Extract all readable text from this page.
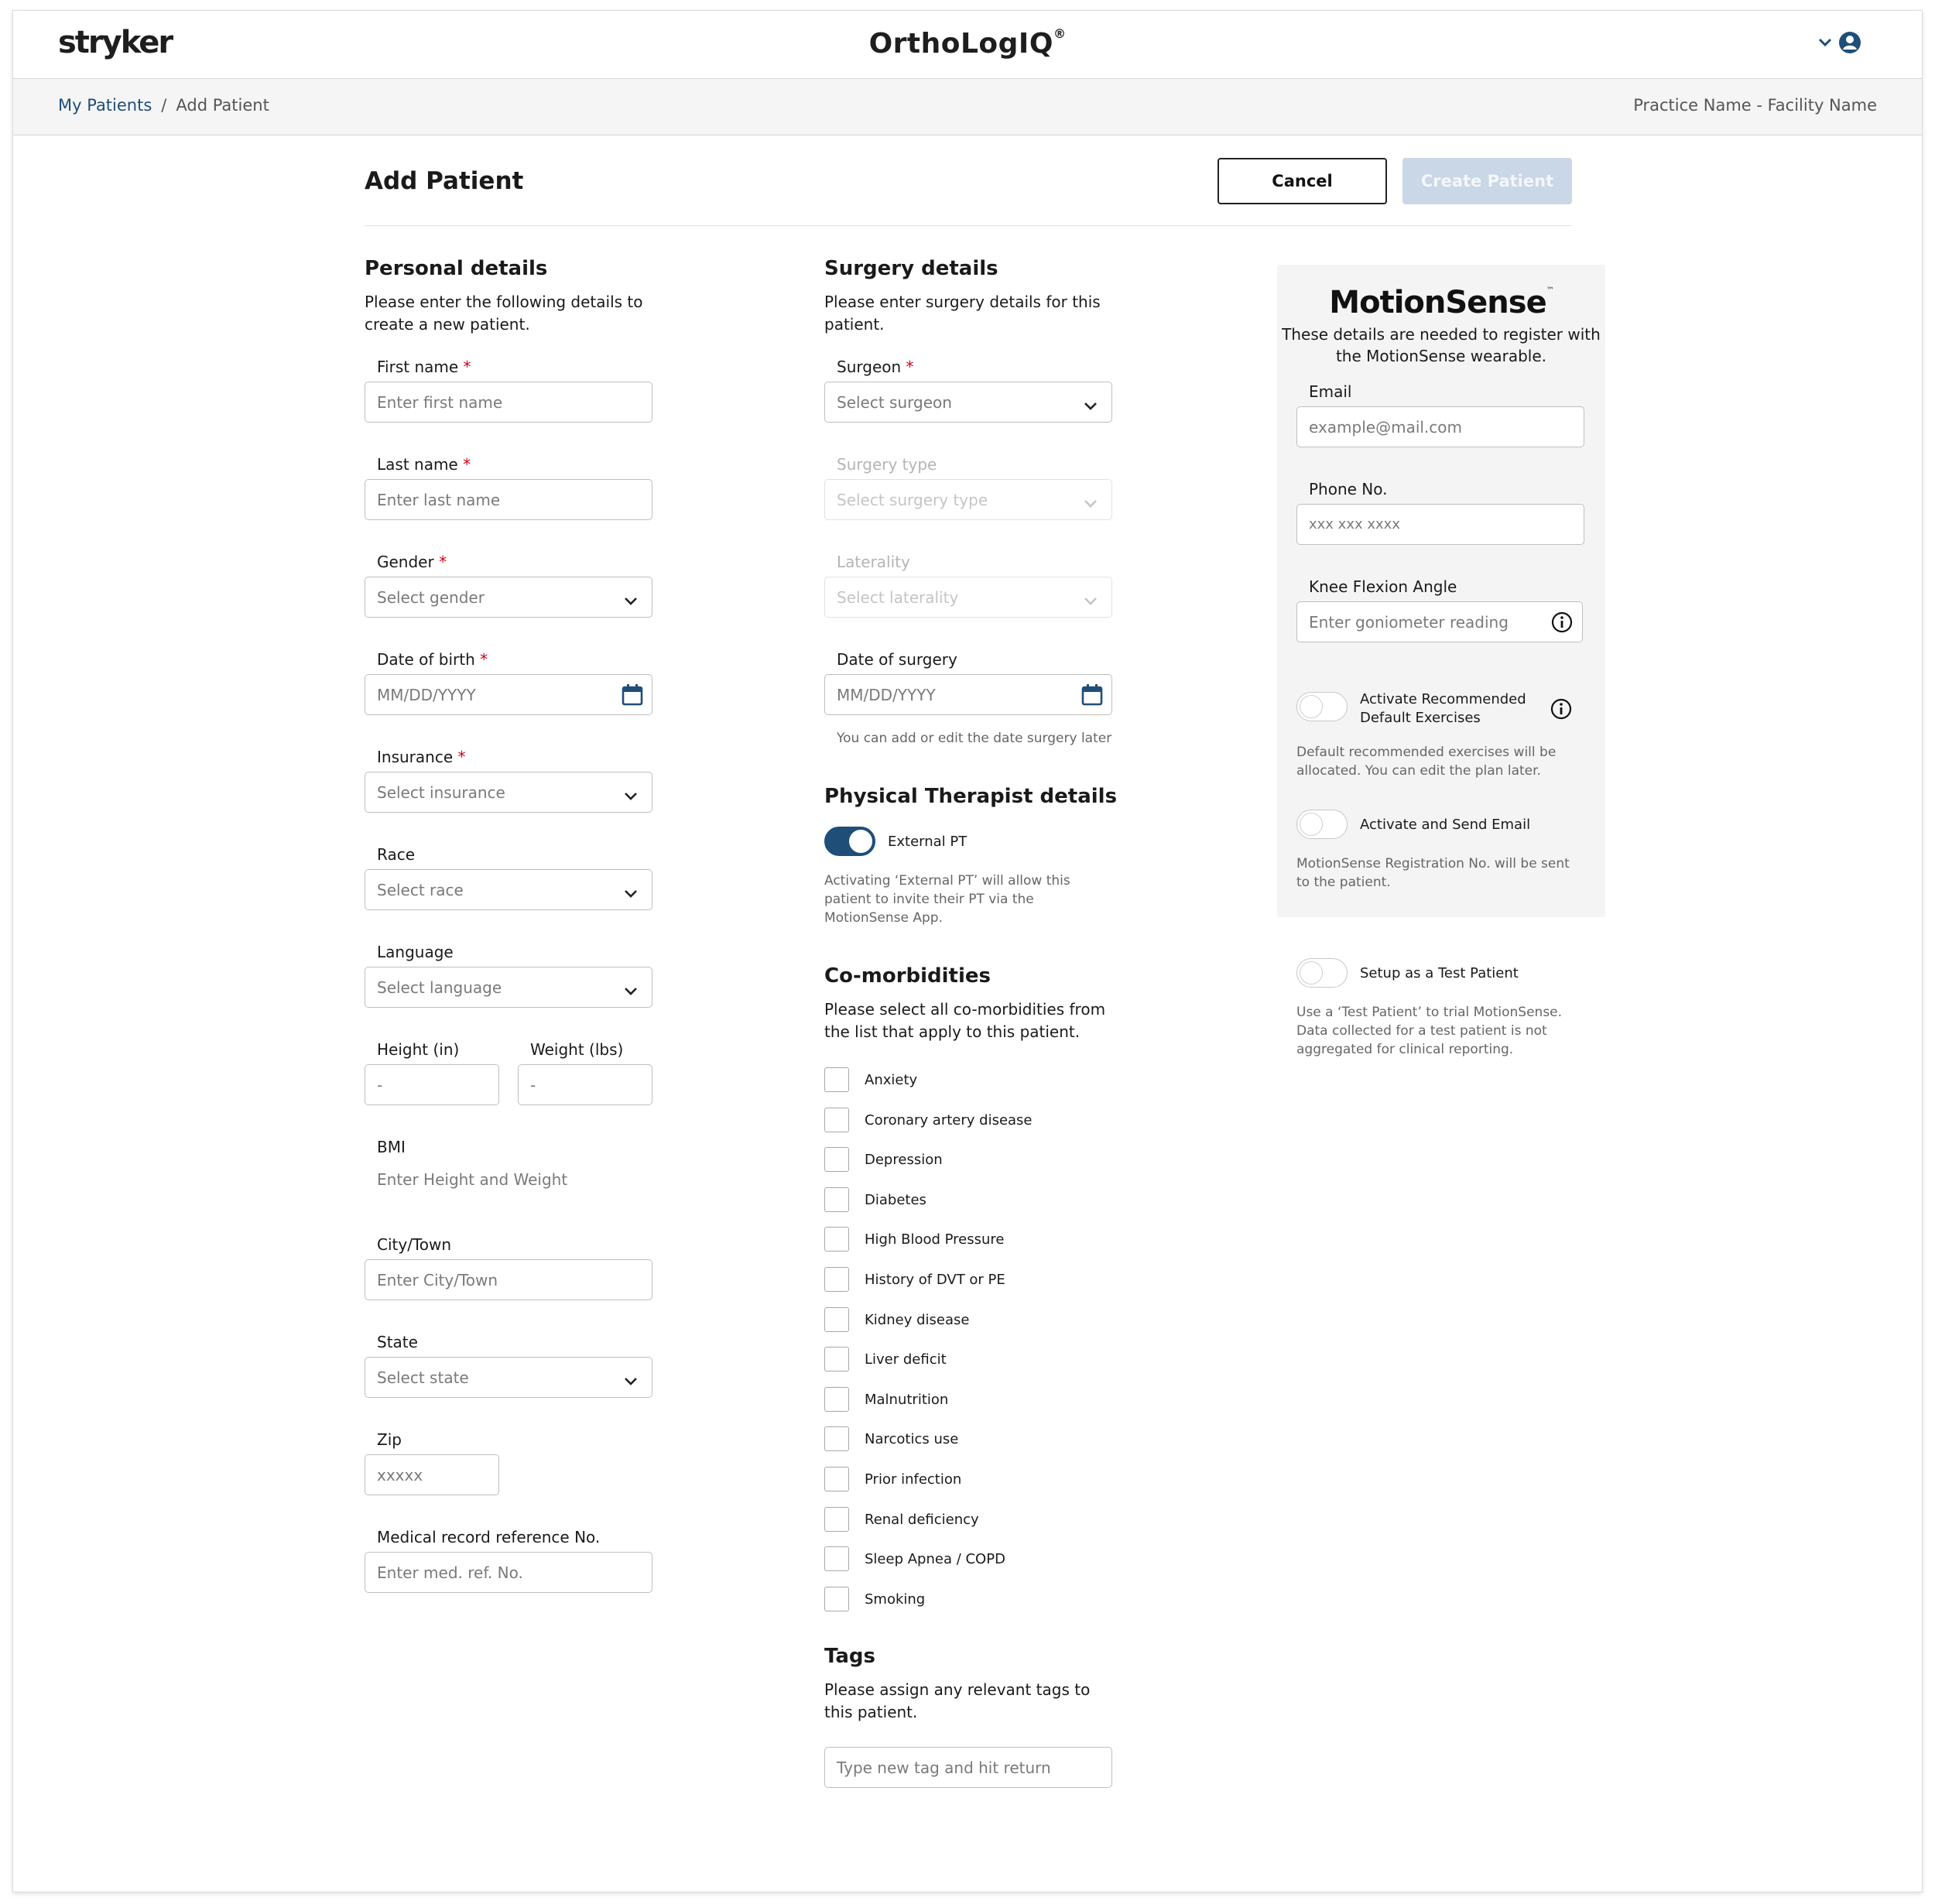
stryker	OrthoLogIQ®
My Patients / Add Patient	Practice Name - Facility Name
Add Patient	Cancel	Create Patient
Personal details
Please enter the following details to create a new patient.
First name *
Enter first name
Last name *
Enter last name
Gender *
Select gender
Date of birth *
MM/DD/YYYY
Insurance *
Select insurance
Race
Select race
Language
Select language
Height (in)
-
Weight (lbs)
-
BMI
Enter Height and Weight
City/Town
Enter City/Town
State
Select state
Zip
xxxxx
Medical record reference No.
Enter med. ref. No.
Surgery details
Please enter surgery details for this patient.
Surgeon *
Select surgeon
Surgery type
Select surgery type
Laterality
Select laterality
Date of surgery
MM/DD/YYYY
You can add or edit the date surgery later
Physical Therapist details
External PT
Activating ‘External PT’ will allow this patient to invite their PT via the MotionSense App.
Co-morbidities
Please select all co-morbidities from the list that apply to this patient.
Anxiety
Coronary artery disease
Depression
Diabetes
High Blood Pressure
History of DVT or PE
Kidney disease
Liver deficit
Malnutrition
Narcotics use
Prior infection
Renal deficiency
Sleep Apnea / COPD
Smoking
Tags
Please assign any relevant tags to this patient.
Type new tag and hit return
MotionSense™
These details are needed to register with the MotionSense wearable.
Email
example@mail.com
Phone No.
xxx xxx xxxx
Knee Flexion Angle
Enter goniometer reading
Activate Recommended Default Exercises
Default recommended exercises will be allocated. You can edit the plan later.
Activate and Send Email
MotionSense Registration No. will be sent to the patient.
Setup as a Test Patient
Use a ‘Test Patient’ to trial MotionSense. Data collected for a test patient is not aggregated for clinical reporting.
